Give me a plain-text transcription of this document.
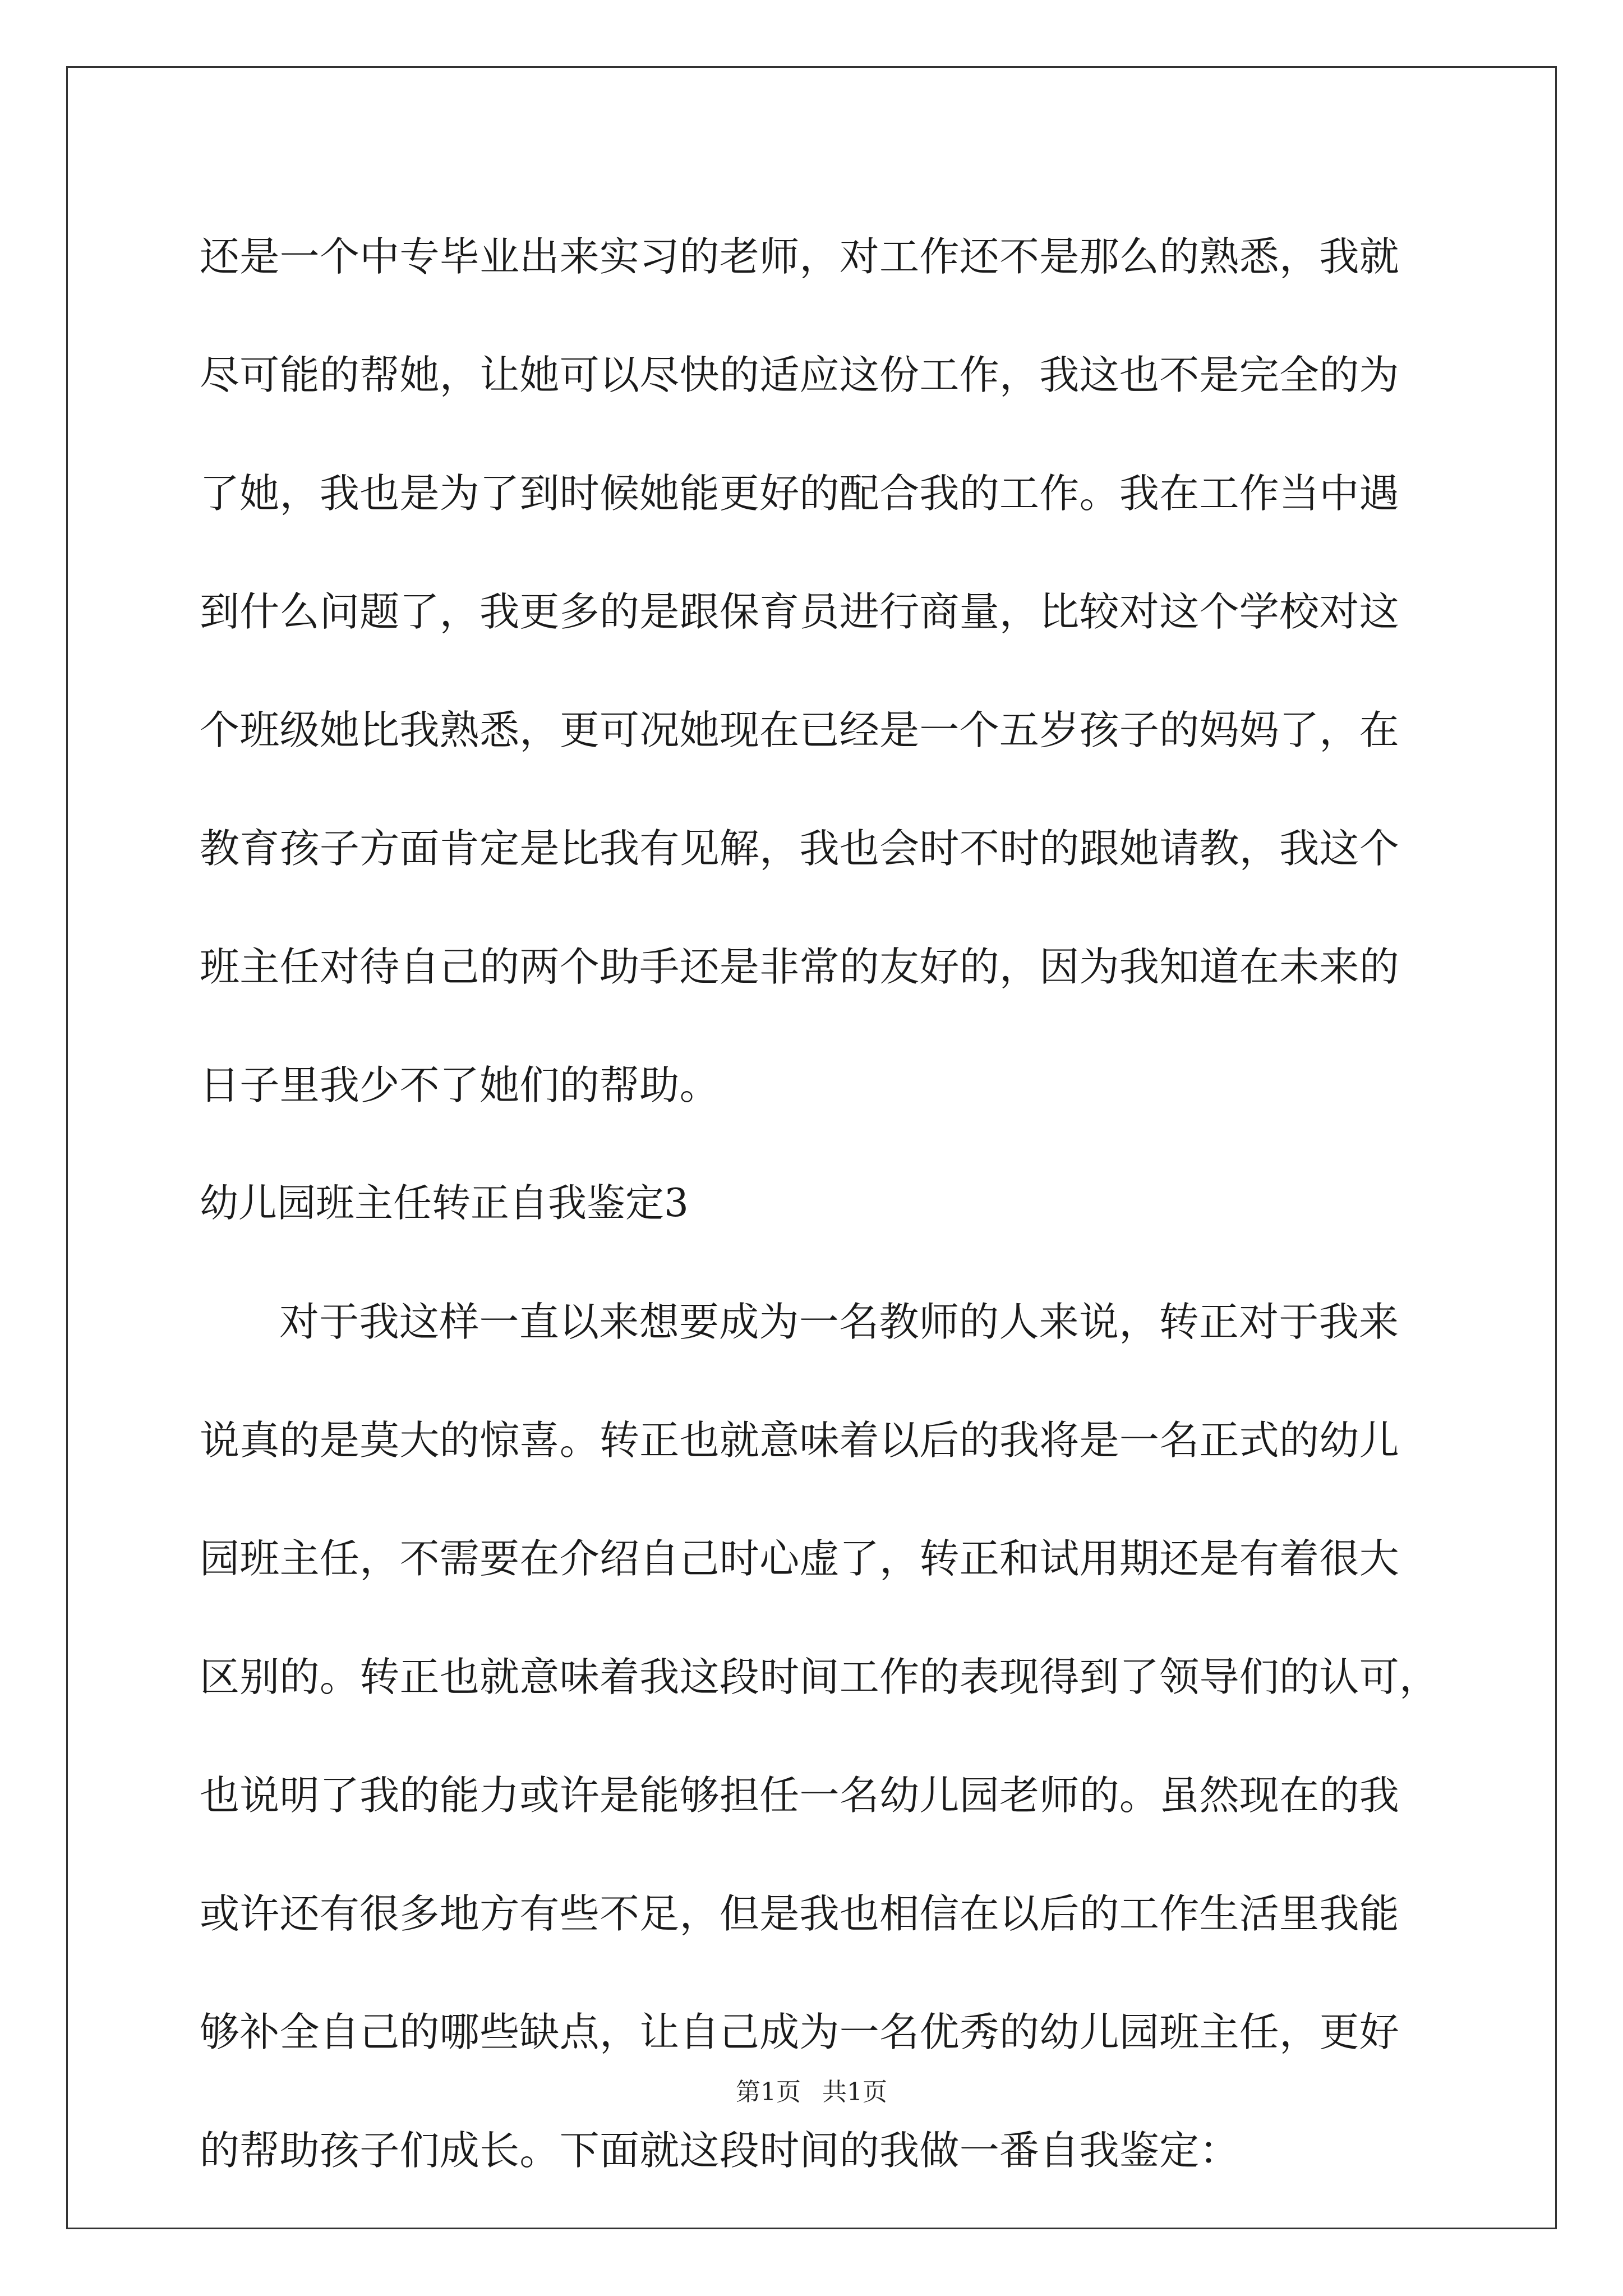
还是一个中专毕业出来实习的老师，对工作还不是那么的熟悉，我就
尽可能的帮她，让她可以尽快的适应这份工作，我这也不是完全的为
了她，我也是为了到时候她能更好的配合我的工作。我在工作当中遇
到什么问题了，我更多的是跟保育员进行商量，比较对这个学校对这
个班级她比我熟悉，更可况她现在已经是一个五岁孩子的妈妈了，在
教育孩子方面肯定是比我有见解，我也会时不时的跟她请教，我这个
班主任对待自己的两个助手还是非常的友好的，因为我知道在未来的
日子里我少不了她们的帮助。
幼儿园班主任转正自我鉴定3
对于我这样一直以来想要成为一名教师的人来说，转正对于我来
说真的是莫大的惊喜。转正也就意味着以后的我将是一名正式的幼儿
园班主任，不需要在介绍自己时心虚了，转正和试用期还是有着很大
区别的。转正也就意味着我这段时间工作的表现得到了领导们的认可，
也说明了我的能力或许是能够担任一名幼儿园老师的。虽然现在的我
或许还有很多地方有些不足，但是我也相信在以后的工作生活里我能
够补全自己的哪些缺点，让自己成为一名优秀的幼儿园班主任，更好
的帮助孩子们成长。下面就这段时间的我做一番自我鉴定：
第1页 共1页
